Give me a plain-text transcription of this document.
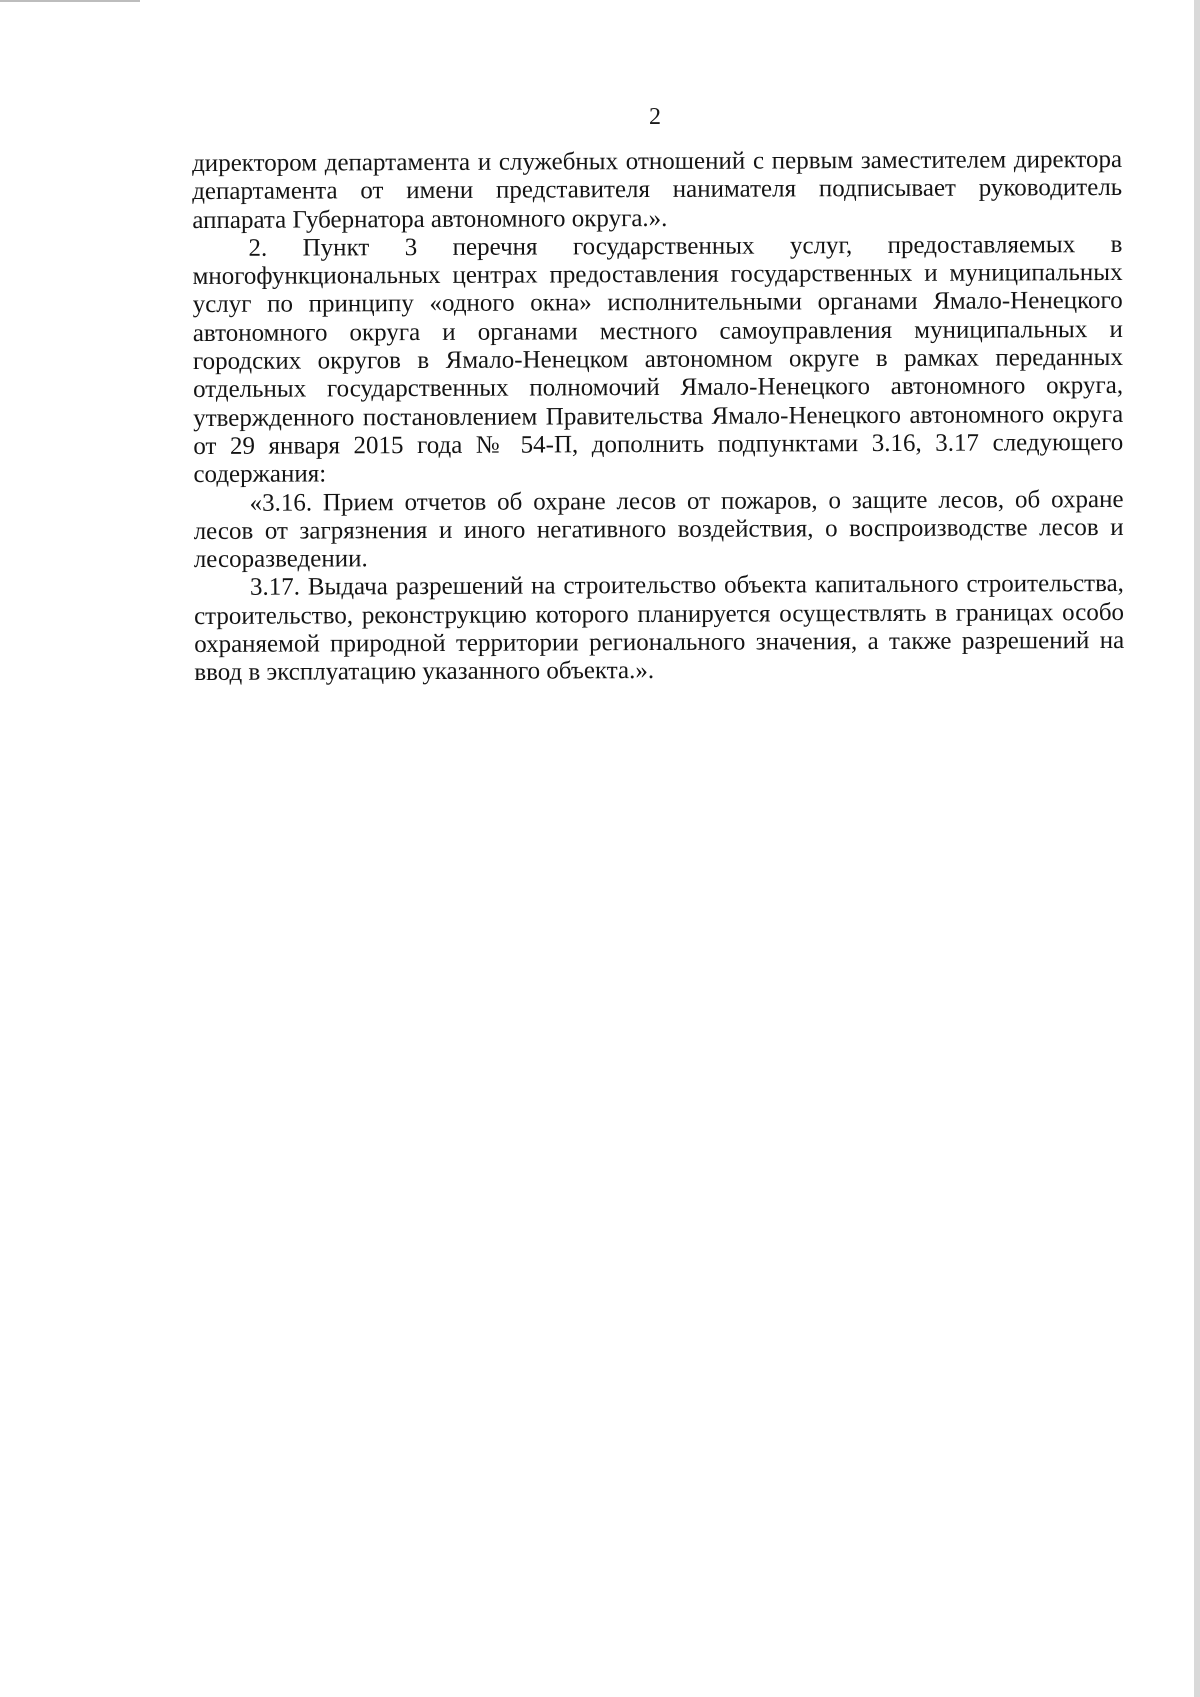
2

директором департамента и служебных отношений с первым заместителем директора департамента от имени представителя нанимателя подписывает руководитель аппарата Губернатора автономного округа.».

2. Пункт 3 перечня государственных услуг, предоставляемых в многофункциональных центрах предоставления государственных и муниципальных услуг по принципу «одного окна» исполнительными органами Ямало-Ненецкого автономного округа и органами местного самоуправления муниципальных и городских округов в Ямало-Ненецком автономном округе в рамках переданных отдельных государственных полномочий Ямало-Ненецкого автономного округа, утвержденного постановлением Правительства Ямало-Ненецкого автономного округа от 29 января 2015 года № 54-П, дополнить подпунктами 3.16, 3.17 следующего содержания:

«3.16. Прием отчетов об охране лесов от пожаров, о защите лесов, об охране лесов от загрязнения и иного негативного воздействия, о воспроизводстве лесов и лесоразведении.

3.17. Выдача разрешений на строительство объекта капитального строительства, строительство, реконструкцию которого планируется осуществлять в границах особо охраняемой природной территории регионального значения, а также разрешений на ввод в эксплуатацию указанного объекта.».
